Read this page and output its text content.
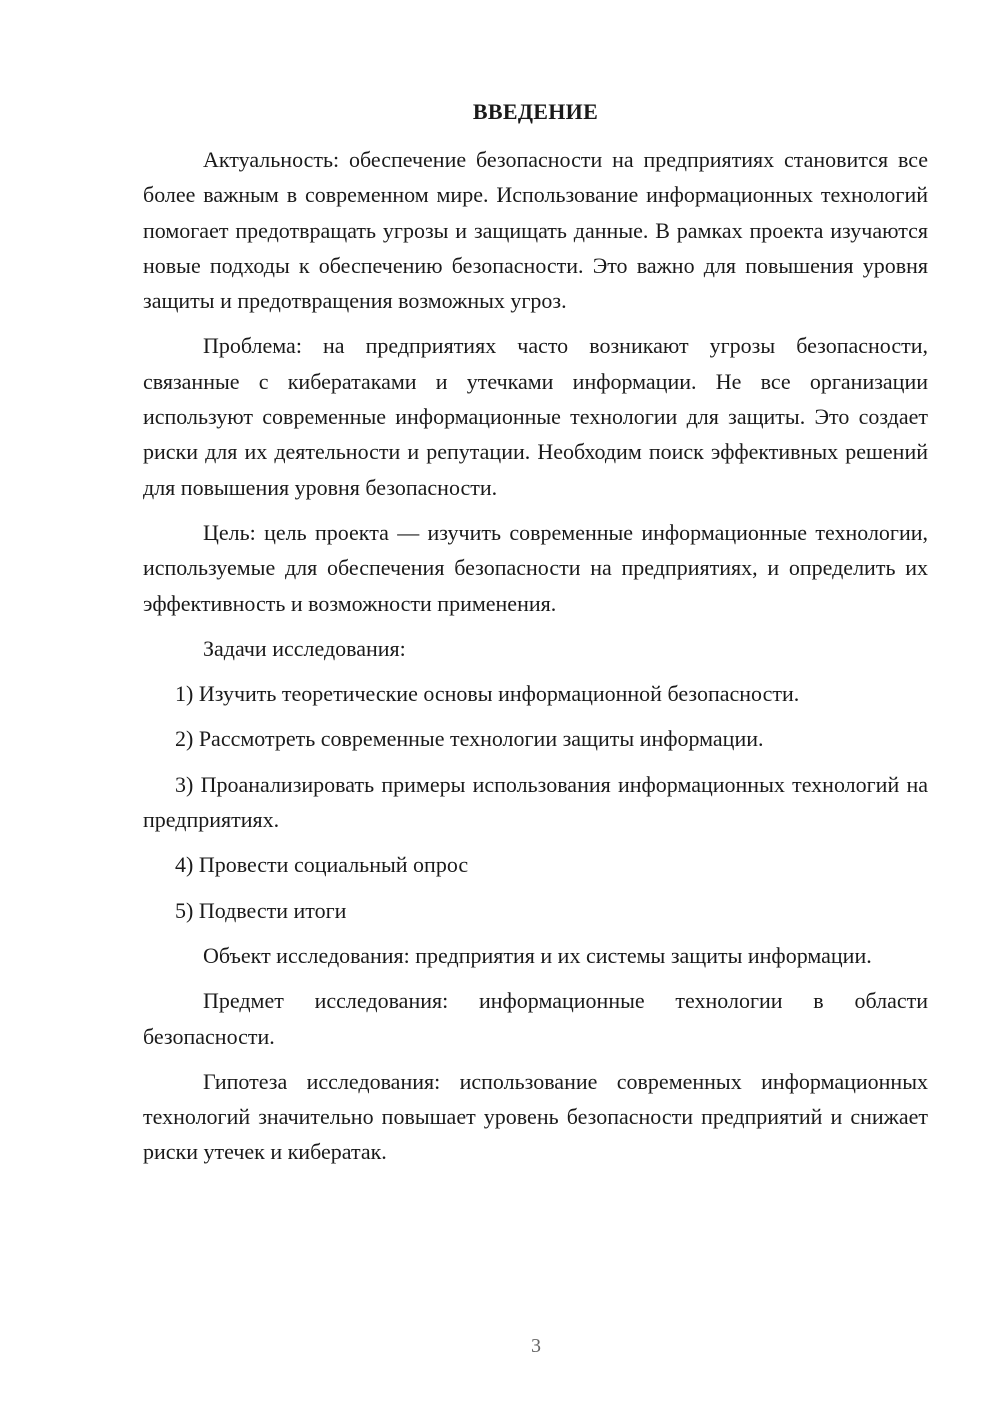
ВВЕДЕНИЕ

Актуальность: обеспечение безопасности на предприятиях становится все более важным в современном мире. Использование информационных технологий помогает предотвращать угрозы и защищать данные. В рамках проекта изучаются новые подходы к обеспечению безопасности. Это важно для повышения уровня защиты и предотвращения возможных угроз.

Проблема: на предприятиях часто возникают угрозы безопасности, связанные с кибератаками и утечками информации. Не все организации используют современные информационные технологии для защиты. Это создает риски для их деятельности и репутации. Необходим поиск эффективных решений для повышения уровня безопасности.

Цель: цель проекта — изучить современные информационные технологии, используемые для обеспечения безопасности на предприятиях, и определить их эффективность и возможности применения.

Задачи исследования:

1) Изучить теоретические основы информационной безопасности.

2) Рассмотреть современные технологии защиты информации.

3) Проанализировать примеры использования информационных технологий на предприятиях.

4) Провести социальный опрос

5) Подвести итоги

Объект исследования: предприятия и их системы защиты информации.

Предмет исследования: информационные технологии в области безопасности.

Гипотеза исследования: использование современных информационных технологий значительно повышает уровень безопасности предприятий и снижает риски утечек и кибератак.

3
